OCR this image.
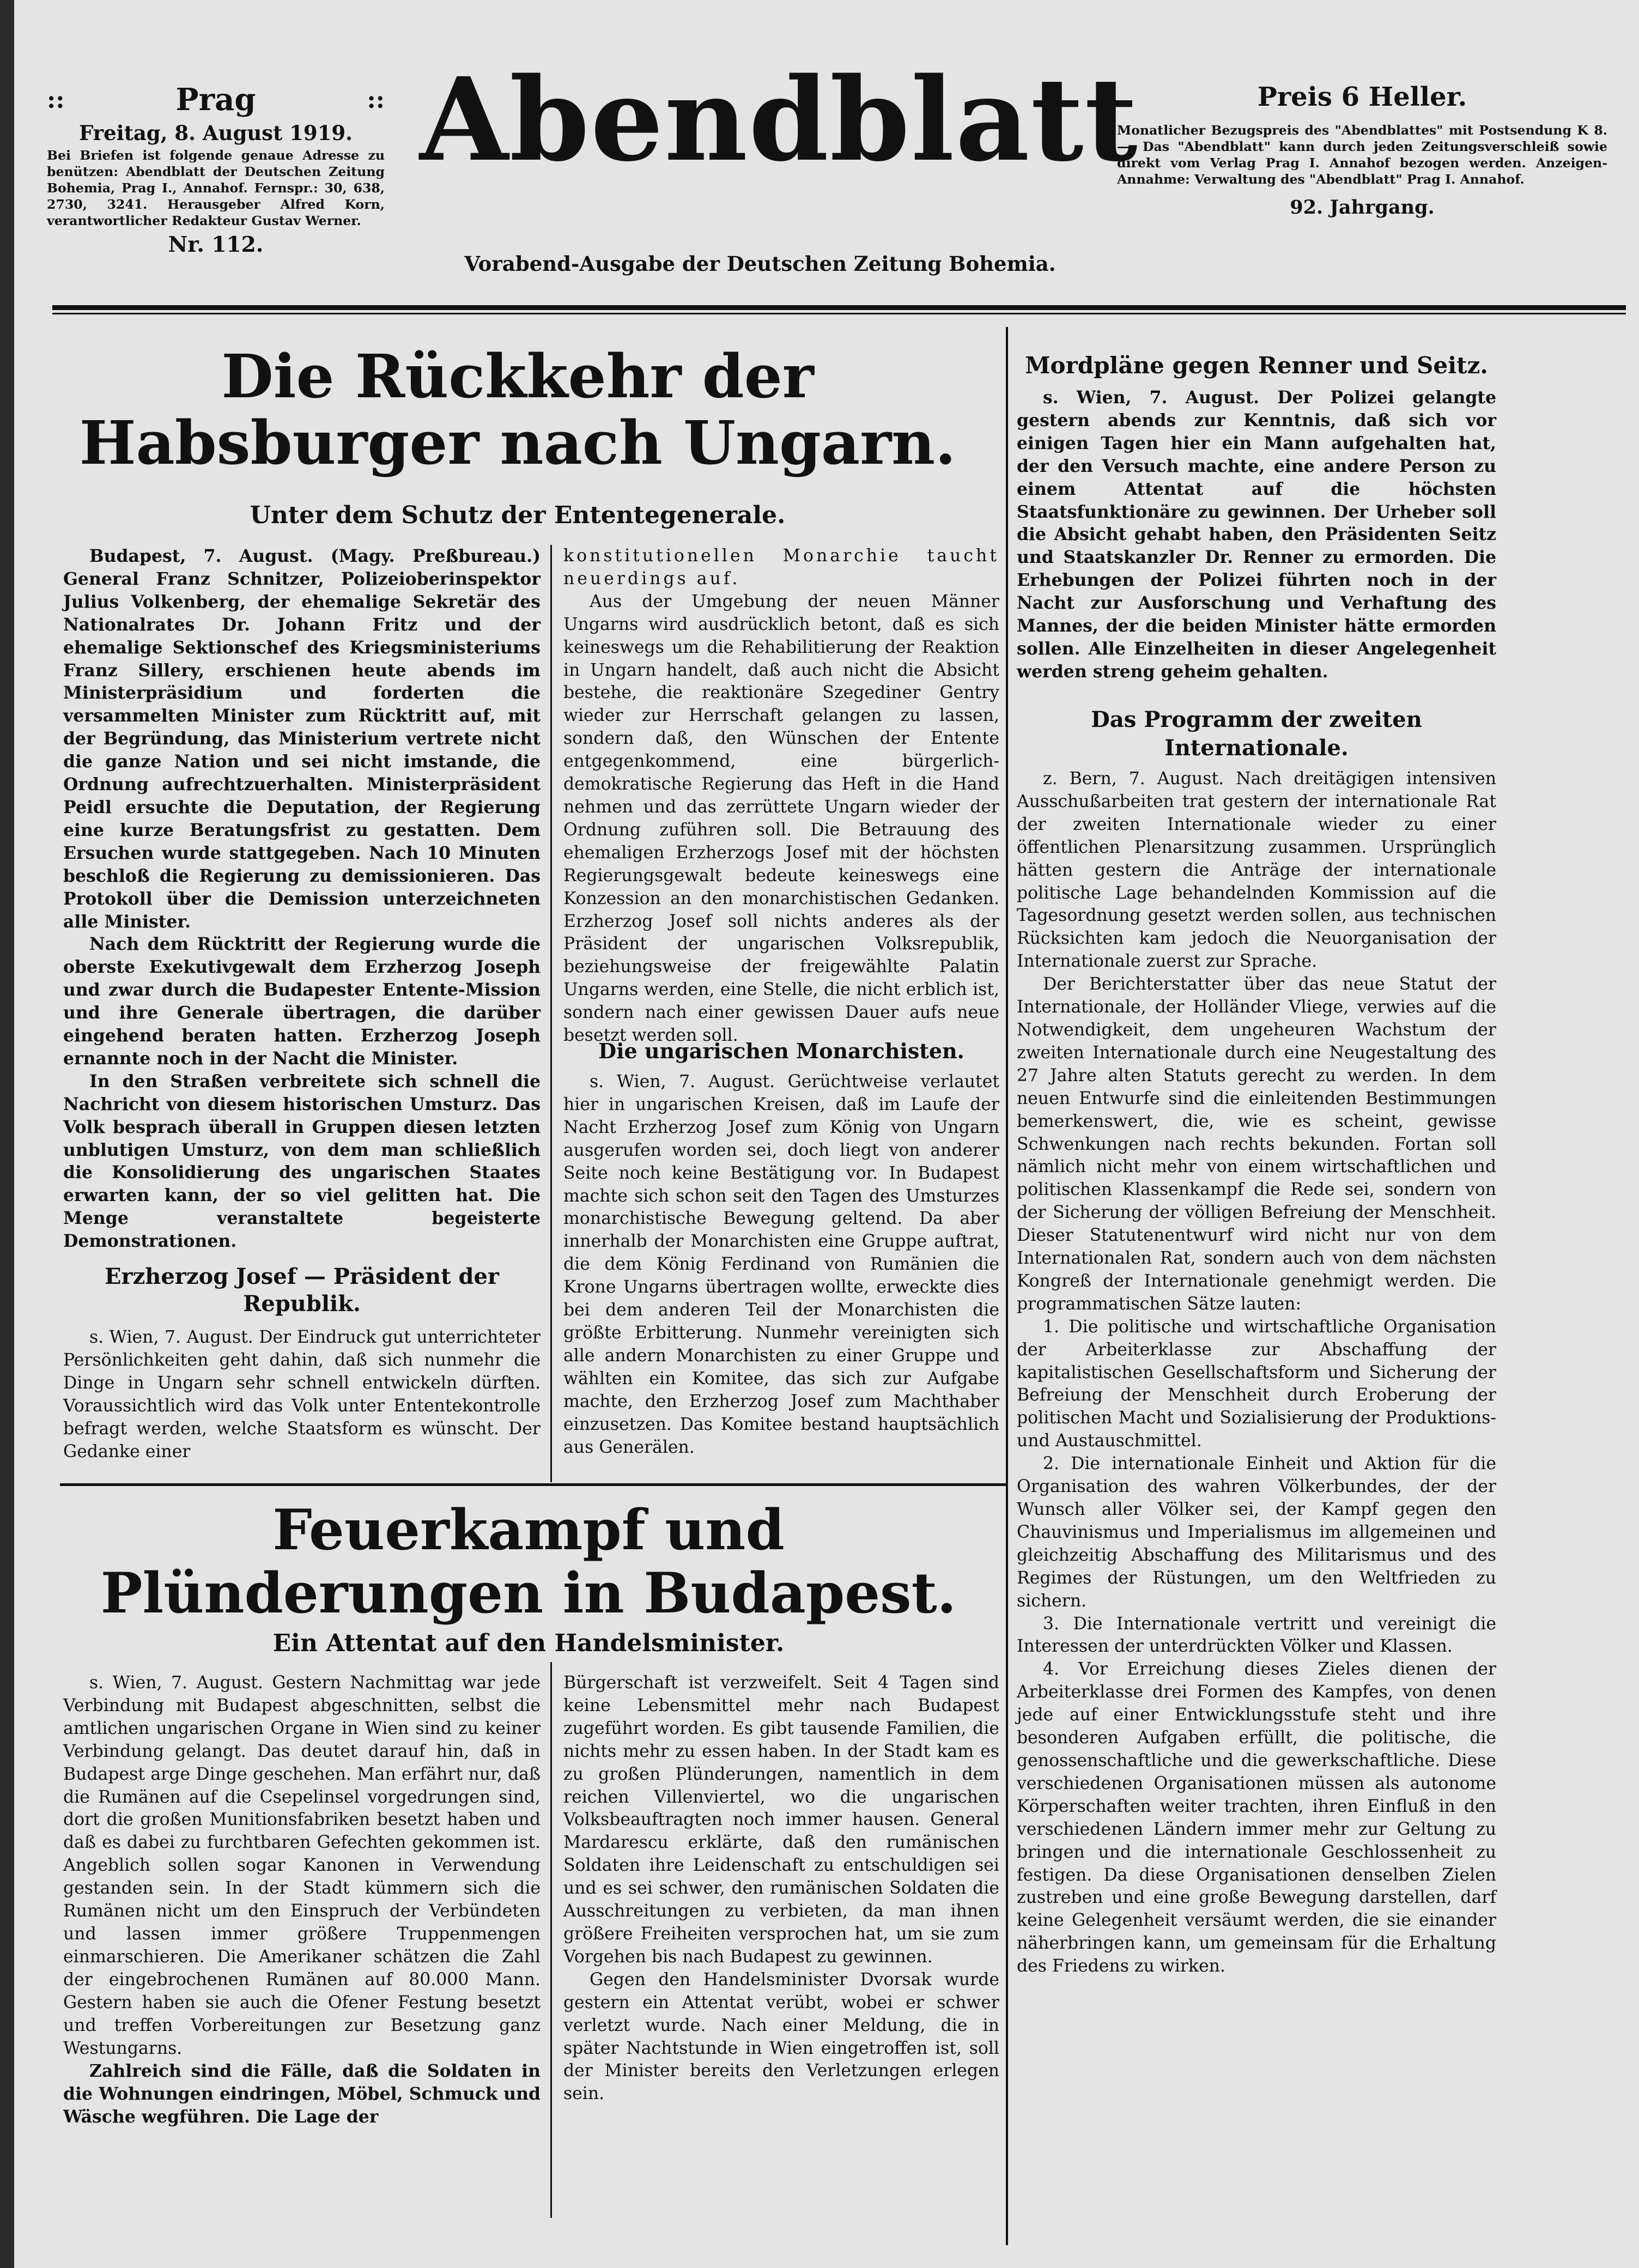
::	Prag	::
Freitag, 8. August 1919.
Bei Briefen ist folgende genaue Adresse zu benützen: Abendblatt der Deutschen Zeitung Bohemia, Prag I., Annahof. Fernspr.: 30, 638, 2730, 3241. Herausgeber Alfred Korn, verantwortlicher Redakteur Gustav Werner.
Nr. 112.
Abendblatt
Vorabend-Ausgabe der Deutschen Zeitung Bohemia.
Preis 6 Heller.
Monatlicher Bezugspreis des "Abendblattes" mit Postsendung K 8.—. Das "Abendblatt" kann durch jeden Zeitungsverschleiß sowie direkt vom Verlag Prag I. Annahof bezogen werden. Anzeigen-Annahme: Verwaltung des "Abendblatt" Prag I. Annahof.
92. Jahrgang.
Die Rückkehr der Habsburger nach Ungarn.
Unter dem Schutz der Ententegenerale.

Budapest, 7. August. (Magy. Preßbureau.) General Franz Schnitzer, Polizeioberinspektor Julius Volkenberg, der ehemalige Sekretär des Nationalrates Dr. Johann Fritz und der ehemalige Sektionschef des Kriegsministeriums Franz Sillery, erschienen heute abends im Ministerpräsidium und forderten die versammelten Minister zum Rücktritt auf, mit der Begründung, das Ministerium vertrete nicht die ganze Nation und sei nicht imstande, die Ordnung aufrechtzuerhalten. Ministerpräsident Peidl ersuchte die Deputation, der Regierung eine kurze Beratungsfrist zu gestatten. Dem Ersuchen wurde stattgegeben. Nach 10 Minuten beschloß die Regierung zu demissionieren. Das Protokoll über die Demission unterzeichneten alle Minister.

Nach dem Rücktritt der Regierung wurde die oberste Exekutivgewalt dem Erzherzog Joseph und zwar durch die Budapester Entente-Mission und ihre Generale übertragen, die darüber eingehend beraten hatten. Erzherzog Joseph ernannte noch in der Nacht die Minister.

In den Straßen verbreitete sich schnell die Nachricht von diesem historischen Umsturz. Das Volk besprach überall in Gruppen diesen letzten unblutigen Umsturz, von dem man schließlich die Konsolidierung des ungarischen Staates erwarten kann, der so viel gelitten hat. Die Menge veranstaltete begeisterte Demonstrationen.

Erzherzog Josef — Präsident der Republik.

s. Wien, 7. August. Der Eindruck gut unterrichteter Persönlichkeiten geht dahin, daß sich nunmehr die Dinge in Ungarn sehr schnell entwickeln dürften. Voraussichtlich wird das Volk unter Ententekontrolle befragt werden, welche Staatsform es wünscht. Der Gedanke einer

konstitutionellen Monarchie taucht neuerdings auf.

Aus der Umgebung der neuen Männer Ungarns wird ausdrücklich betont, daß es sich keineswegs um die Rehabilitierung der Reaktion in Ungarn handelt, daß auch nicht die Absicht bestehe, die reaktionäre Szegediner Gentry wieder zur Herrschaft gelangen zu lassen, sondern daß, den Wünschen der Entente entgegenkommend, eine bürgerlich-demokratische Regierung das Heft in die Hand nehmen und das zerrüttete Ungarn wieder der Ordnung zuführen soll. Die Betrauung des ehemaligen Erzherzogs Josef mit der höchsten Regierungsgewalt bedeute keineswegs eine Konzession an den monarchistischen Gedanken. Erzherzog Josef soll nichts anderes als der Präsident der ungarischen Volksrepublik, beziehungsweise der freigewählte Palatin Ungarns werden, eine Stelle, die nicht erblich ist, sondern nach einer gewissen Dauer aufs neue besetzt werden soll.

Die ungarischen Monarchisten.

s. Wien, 7. August. Gerüchtweise verlautet hier in ungarischen Kreisen, daß im Laufe der Nacht Erzherzog Josef zum König von Ungarn ausgerufen worden sei, doch liegt von anderer Seite noch keine Bestätigung vor. In Budapest machte sich schon seit den Tagen des Umsturzes monarchistische Bewegung geltend. Da aber innerhalb der Monarchisten eine Gruppe auftrat, die dem König Ferdinand von Rumänien die Krone Ungarns übertragen wollte, erweckte dies bei dem anderen Teil der Monarchisten die größte Erbitterung. Nunmehr vereinigten sich alle andern Monarchisten zu einer Gruppe und wählten ein Komitee, das sich zur Aufgabe machte, den Erzherzog Josef zum Machthaber einzusetzen. Das Komitee bestand hauptsächlich aus Generälen.

Feuerkampf und Plünderungen in Budapest.
Ein Attentat auf den Handelsminister.

s. Wien, 7. August. Gestern Nachmittag war jede Verbindung mit Budapest abgeschnitten, selbst die amtlichen ungarischen Organe in Wien sind zu keiner Verbindung gelangt. Das deutet darauf hin, daß in Budapest arge Dinge geschehen. Man erfährt nur, daß die Rumänen auf die Csepelinsel vorgedrungen sind, dort die großen Munitionsfabriken besetzt haben und daß es dabei zu furchtbaren Gefechten gekommen ist. Angeblich sollen sogar Kanonen in Verwendung gestanden sein. In der Stadt kümmern sich die Rumänen nicht um den Einspruch der Verbündeten und lassen immer größere Truppenmengen einmarschieren. Die Amerikaner schätzen die Zahl der eingebrochenen Rumänen auf 80.000 Mann. Gestern haben sie auch die Ofener Festung besetzt und treffen Vorbereitungen zur Besetzung ganz Westungarns.

Zahlreich sind die Fälle, daß die Soldaten in die Wohnungen eindringen, Möbel, Schmuck und Wäsche wegführen. Die Lage der

Bürgerschaft ist verzweifelt. Seit 4 Tagen sind keine Lebensmittel mehr nach Budapest zugeführt worden. Es gibt tausende Familien, die nichts mehr zu essen haben. In der Stadt kam es zu großen Plünderungen, namentlich in dem reichen Villenviertel, wo die ungarischen Volksbeauftragten noch immer hausen. General Mardarescu erklärte, daß den rumänischen Soldaten ihre Leidenschaft zu entschuldigen sei und es sei schwer, den rumänischen Soldaten die Ausschreitungen zu verbieten, da man ihnen größere Freiheiten versprochen hat, um sie zum Vorgehen bis nach Budapest zu gewinnen.

Gegen den Handelsminister Dvorsak wurde gestern ein Attentat verübt, wobei er schwer verletzt wurde. Nach einer Meldung, die in später Nachtstunde in Wien eingetroffen ist, soll der Minister bereits den Verletzungen erlegen sein.

Mordpläne gegen Renner und Seitz.

s. Wien, 7. August. Der Polizei gelangte gestern abends zur Kenntnis, daß sich vor einigen Tagen hier ein Mann aufgehalten hat, der den Versuch machte, eine andere Person zu einem Attentat auf die höchsten Staatsfunktionäre zu gewinnen. Der Urheber soll die Absicht gehabt haben, den Präsidenten Seitz und Staatskanzler Dr. Renner zu ermorden. Die Erhebungen der Polizei führten noch in der Nacht zur Ausforschung und Verhaftung des Mannes, der die beiden Minister hätte ermorden sollen. Alle Einzelheiten in dieser Angelegenheit werden streng geheim gehalten.

Das Programm der zweiten Internationale.

z. Bern, 7. August. Nach dreitägigen intensiven Ausschußarbeiten trat gestern der internationale Rat der zweiten Internationale wieder zu einer öffentlichen Plenarsitzung zusammen. Ursprünglich hätten gestern die Anträge der internationale politische Lage behandelnden Kommission auf die Tagesordnung gesetzt werden sollen, aus technischen Rücksichten kam jedoch die Neuorganisation der Internationale zuerst zur Sprache.

Der Berichterstatter über das neue Statut der Internationale, der Holländer Vliege, verwies auf die Notwendigkeit, dem ungeheuren Wachstum der zweiten Internationale durch eine Neugestaltung des 27 Jahre alten Statuts gerecht zu werden. In dem neuen Entwurfe sind die einleitenden Bestimmungen bemerkenswert, die, wie es scheint, gewisse Schwenkungen nach rechts bekunden. Fortan soll nämlich nicht mehr von einem wirtschaftlichen und politischen Klassenkampf die Rede sei, sondern von der Sicherung der völligen Befreiung der Menschheit. Dieser Statutenentwurf wird nicht nur von dem Internationalen Rat, sondern auch von dem nächsten Kongreß der Internationale genehmigt werden. Die programmatischen Sätze lauten:

1. Die politische und wirtschaftliche Organisation der Arbeiterklasse zur Abschaffung der kapitalistischen Gesellschaftsform und Sicherung der Befreiung der Menschheit durch Eroberung der politischen Macht und Sozialisierung der Produktions- und Austauschmittel.

2. Die internationale Einheit und Aktion für die Organisation des wahren Völkerbundes, der der Wunsch aller Völker sei, der Kampf gegen den Chauvinismus und Imperialismus im allgemeinen und gleichzeitig Abschaffung des Militarismus und des Regimes der Rüstungen, um den Weltfrieden zu sichern.

3. Die Internationale vertritt und vereinigt die Interessen der unterdrückten Völker und Klassen.

4. Vor Erreichung dieses Zieles dienen der Arbeiterklasse drei Formen des Kampfes, von denen jede auf einer Entwicklungsstufe steht und ihre besonderen Aufgaben erfüllt, die politische, die genossenschaftliche und die gewerkschaftliche. Diese verschiedenen Organisationen müssen als autonome Körperschaften weiter trachten, ihren Einfluß in den verschiedenen Ländern immer mehr zur Geltung zu bringen und die internationale Geschlossenheit zu festigen. Da diese Organisationen denselben Zielen zustreben und eine große Bewegung darstellen, darf keine Gelegenheit versäumt werden, die sie einander näherbringen kann, um gemeinsam für die Erhaltung des Friedens zu wirken.
